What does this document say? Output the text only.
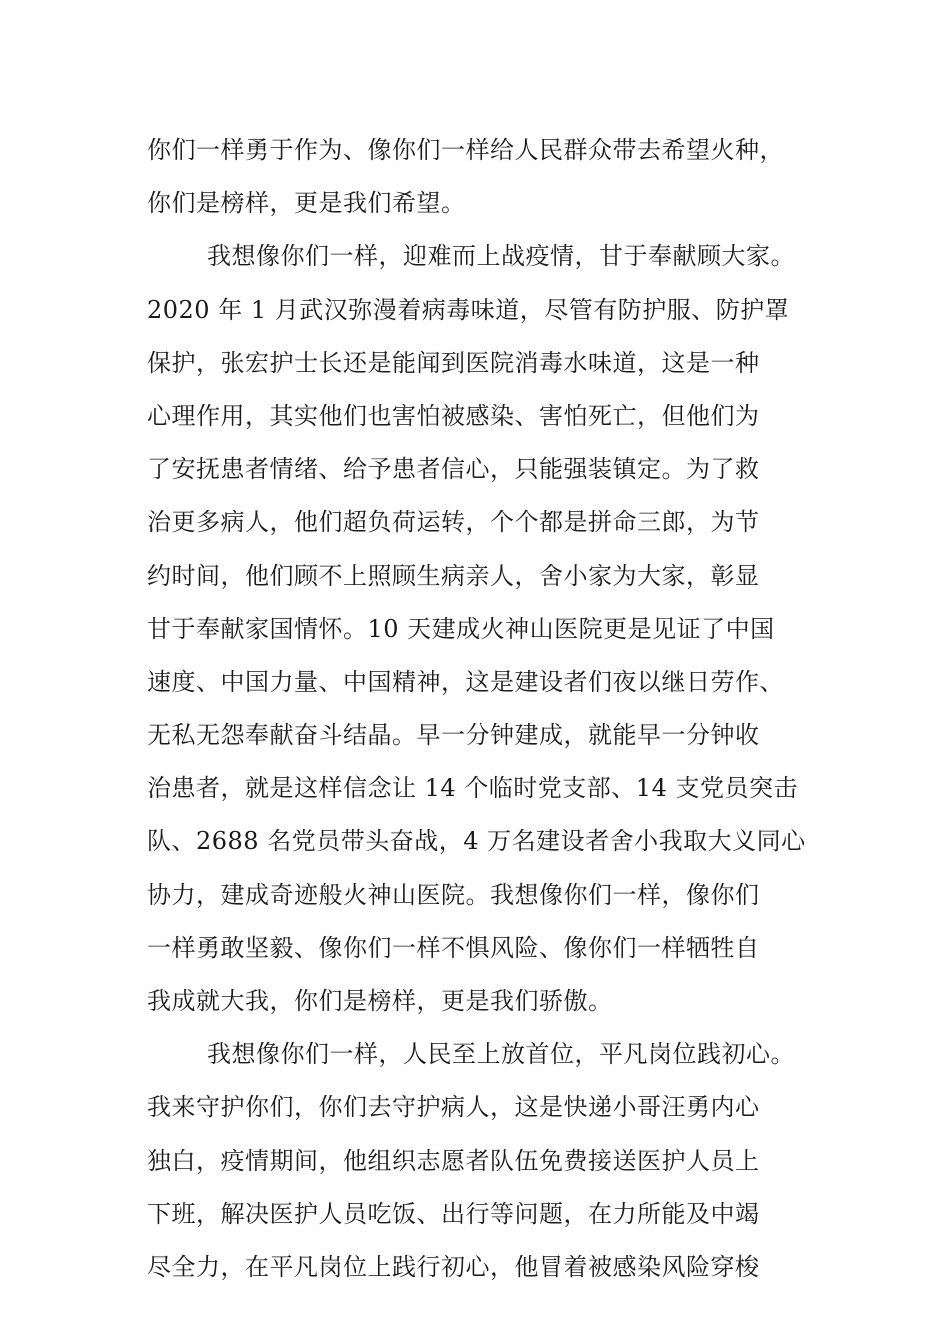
你们一样勇于作为、像你们一样给人民群众带去希望火种，
你们是榜样，更是我们希望。
我想像你们一样，迎难而上战疫情，甘于奉献顾大家。
2020 年 1 月武汉弥漫着病毒味道，尽管有防护服、防护罩
保护，张宏护士长还是能闻到医院消毒水味道，这是一种
心理作用，其实他们也害怕被感染、害怕死亡，但他们为
了安抚患者情绪、给予患者信心，只能强装镇定。为了救
治更多病人，他们超负荷运转，个个都是拼命三郎，为节
约时间，他们顾不上照顾生病亲人，舍小家为大家，彰显
甘于奉献家国情怀。10 天建成火神山医院更是见证了中国
速度、中国力量、中国精神，这是建设者们夜以继日劳作、
无私无怨奉献奋斗结晶。早一分钟建成，就能早一分钟收
治患者，就是这样信念让 14 个临时党支部、14 支党员突击
队、2688 名党员带头奋战，4 万名建设者舍小我取大义同心
协力，建成奇迹般火神山医院。我想像你们一样，像你们
一样勇敢坚毅、像你们一样不惧风险、像你们一样牺牲自
我成就大我，你们是榜样，更是我们骄傲。
我想像你们一样，人民至上放首位，平凡岗位践初心。
我来守护你们，你们去守护病人，这是快递小哥汪勇内心
独白，疫情期间，他组织志愿者队伍免费接送医护人员上
下班，解决医护人员吃饭、出行等问题，在力所能及中竭
尽全力，在平凡岗位上践行初心，他冒着被感染风险穿梭
